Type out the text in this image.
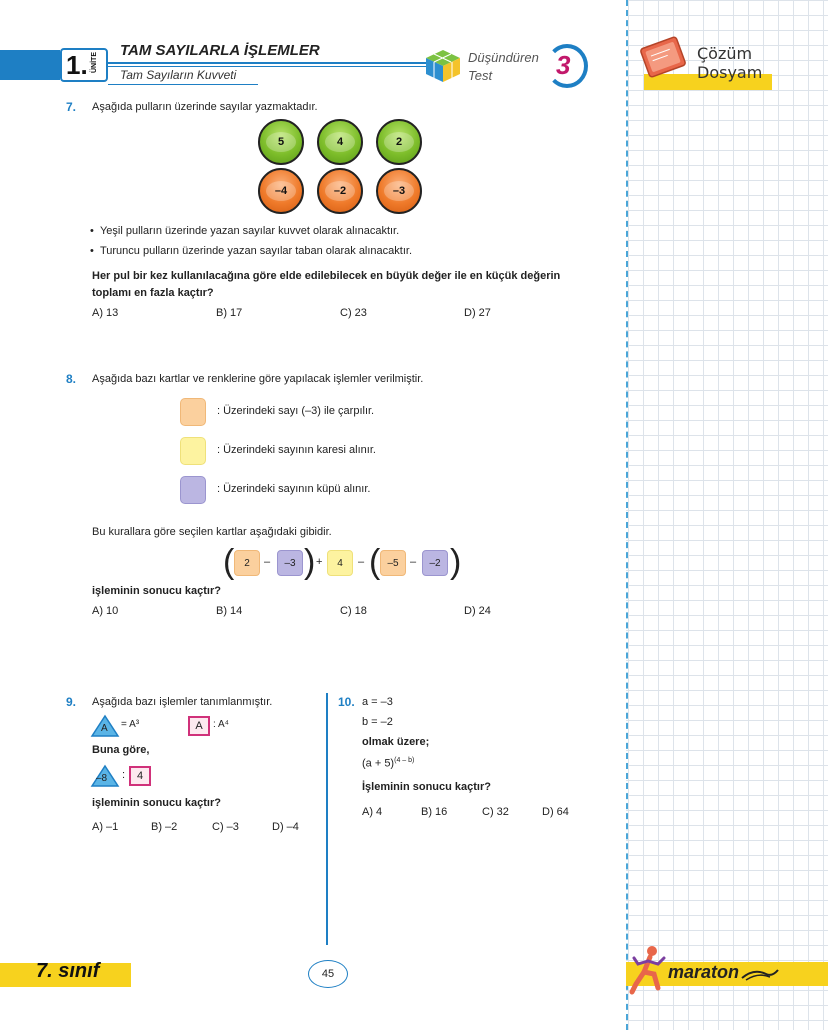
1. ÜNİTE
TAM SAYILARLA İŞLEMLER
Tam Sayıların Kuvveti
Düşündüren
Test 3	Çözüm
Dosyam
7. Aşağıda pulların üzerinde sayılar yazmaktadır.
5	4	2
–4	–2	–3
•  Yeşil pulların üzerinde yazan sayılar kuvvet olarak alınacaktır.
•  Turuncu pulların üzerinde yazan sayılar taban olarak alınacaktır.
Her pul bir kez kullanılacağına göre elde edilebilecek en büyük değer ile en küçük değerin
toplamı en fazla kaçtır?
A) 13	B) 17	C) 23	D) 27
8. Aşağıda bazı kartlar ve renklerine göre yapılacak işlemler verilmiştir.
: Üzerindeki sayı (–3) ile çarpılır.
: Üzerindeki sayının karesi alınır.
: Üzerindeki sayının küpü alınır.
Bu kurallara göre seçilen kartlar aşağıdaki gibidir.
( 2 – –3 ) + 4 – ( –5 – –2 )
işleminin sonucu kaçtır?
A) 10	B) 14	C) 18	D) 24
9. Aşağıda bazı işlemler tanımlanmıştır.
A = A³	A : A⁴
Buna göre,
–8 : 4
işleminin sonucu kaçtır?
A) –1	B) –2	C) –3	D) –4
10. a = –3
b = –2
olmak üzere;
$(a + 5)^{(4 - b)}$
İşleminin sonucu kaçtır?
A) 4	B) 16	C) 32	D) 64
7. sınıf	45	maraton
